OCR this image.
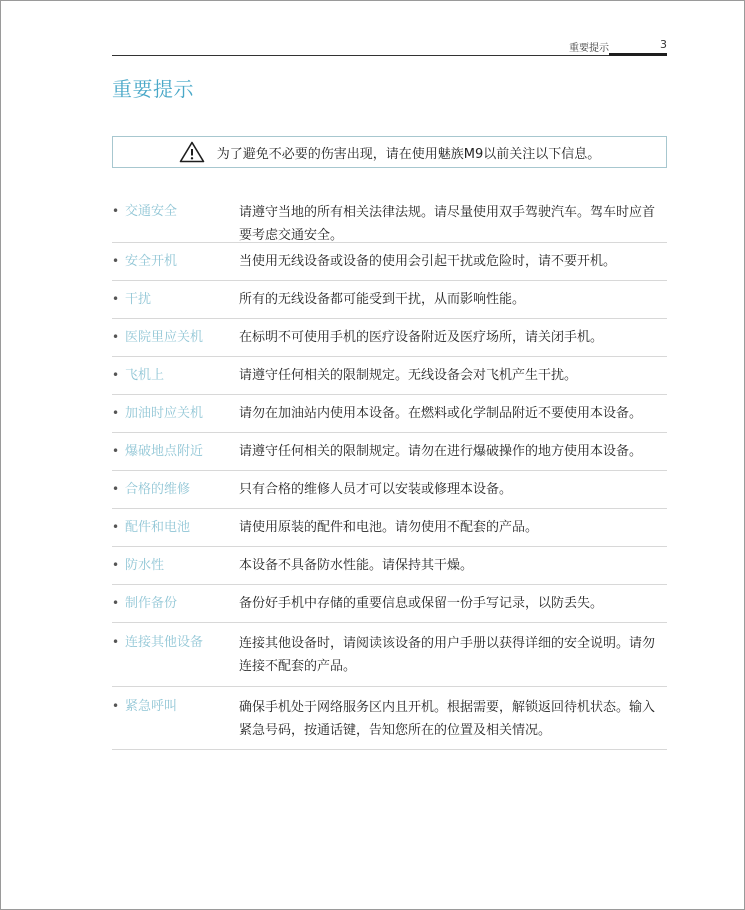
重要提示	3
重要提示
为了避免不必要的伤害出现，请在使用魅族M9以前关注以下信息。
• 交通安全	请遵守当地的所有相关法律法规。请尽量使用双手驾驶汽车。驾车时应首要考虑交通安全。
• 安全开机	当使用无线设备或设备的使用会引起干扰或危险时，请不要开机。
• 干扰	所有的无线设备都可能受到干扰，从而影响性能。
• 医院里应关机	在标明不可使用手机的医疗设备附近及医疗场所，请关闭手机。
• 飞机上	请遵守任何相关的限制规定。无线设备会对飞机产生干扰。
• 加油时应关机	请勿在加油站内使用本设备。在燃料或化学制品附近不要使用本设备。
• 爆破地点附近	请遵守任何相关的限制规定。请勿在进行爆破操作的地方使用本设备。
• 合格的维修	只有合格的维修人员才可以安装或修理本设备。
• 配件和电池	请使用原装的配件和电池。请勿使用不配套的产品。
• 防水性	本设备不具备防水性能。请保持其干燥。
• 制作备份	备份好手机中存储的重要信息或保留一份手写记录，以防丢失。
• 连接其他设备	连接其他设备时，请阅读该设备的用户手册以获得详细的安全说明。请勿连接不配套的产品。
• 紧急呼叫	确保手机处于网络服务区内且开机。根据需要，解锁返回待机状态。输入紧急号码，按通话键，告知您所在的位置及相关情况。
